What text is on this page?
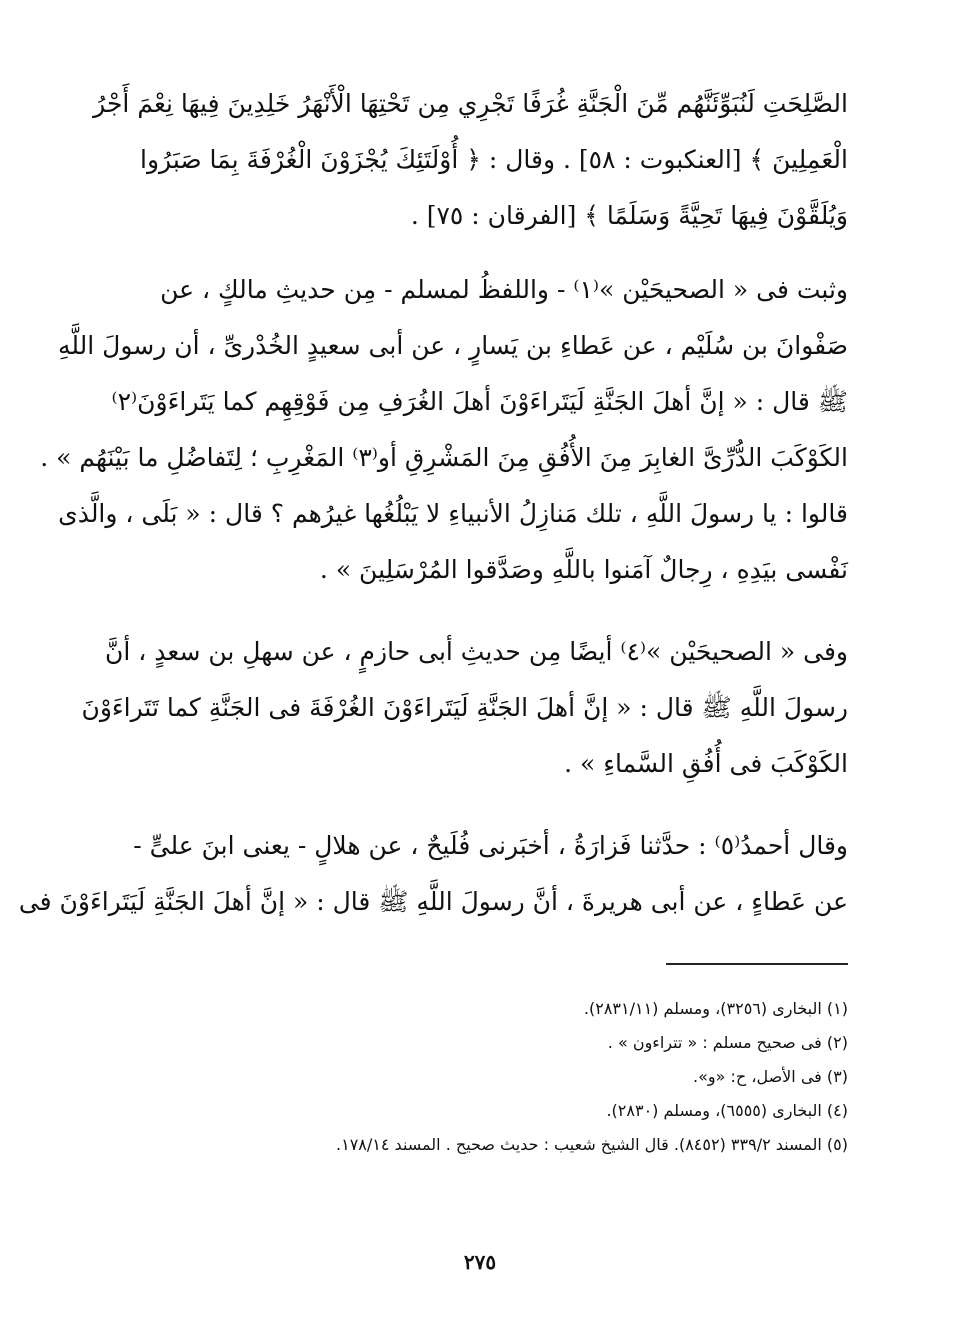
الصَّلِحَتِ لَنُبَوِّئَنَّهُم مِّنَ الْجَنَّةِ غُرَفًا تَجْرِي مِن تَحْتِهَا الْأَنْهَرُ خَلِدِينَ فِيهَا نِعْمَ أَجْرُ
الْعَمِلِينَ ﴾ [العنكبوت : ٥٨] . وقال : ﴿ أُوْلَتَئِكَ يُجْزَوْنَ الْغُرْفَةَ بِمَا صَبَرُوا
وَيُلَقَّوْنَ فِيهَا تَحِيَّةً وَسَلَمًا ﴾ [الفرقان : ٧٥] .
وثبت فى « الصحيحَيْن »⁽١⁾ - واللفظُ لمسلم - مِن حديثِ مالكٍ ، عن
صَفْوانَ بن سُلَيْم ، عن عَطاءِ بن يَسارٍ ، عن أبى سعيدٍ الخُدْرىِّ ، أن رسولَ اللَّهِ
ﷺ قال : « إنَّ أهلَ الجَنَّةِ لَيَتَراءَوْنَ أهلَ الغُرَفِ مِن فَوْقِهِم كما يَتَراءَوْنَ⁽٢⁾
الكَوْكَبَ الدُّرِّىَّ الغابِرَ مِنَ الأُفُقِ مِنَ المَشْرِقِ أو⁽٣⁾ المَغْرِبِ ؛ لِتَفاضُلِ ما بَيْنَهُم » .
قالوا : يا رسولَ اللَّهِ ، تلك مَنازِلُ الأنبياءِ لا يَبْلُغُها غيرُهم ؟ قال : « بَلَى ، والَّذى
نَفْسى بيَدِهِ ، رِجالٌ آمَنوا باللَّهِ وصَدَّقوا المُرْسَلِينَ » .
وفى « الصحيحَيْن »⁽٤⁾ أيضًا مِن حديثِ أبى حازمٍ ، عن سهلِ بن سعدٍ ، أنَّ
رسولَ اللَّهِ ﷺ قال : « إنَّ أهلَ الجَنَّةِ لَيَتَراءَوْنَ الغُرْفَةَ فى الجَنَّةِ كما تَتَراءَوْنَ
الكَوْكَبَ فى أُفُقِ السَّماءِ » .
وقال أحمدُ⁽٥⁾ : حدَّثنا فَزارَةُ ، أخبَرنى فُلَيحٌ ، عن هلالٍ - يعنى ابنَ علىٍّ -
عن عَطاءٍ ، عن أبى هريرةَ ، أنَّ رسولَ اللَّهِ ﷺ قال : « إنَّ أهلَ الجَنَّةِ لَيَتَراءَوْنَ فى
(١) البخارى (٣٢٥٦)، ومسلم (٢٨٣١/١١).
(٢) فى صحيح مسلم : « تتراءون » .
(٣) فى الأصل، ح: «و».
(٤) البخارى (٦٥٥٥)، ومسلم (٢٨٣٠).
(٥) المسند ٣٣٩/٢ (٨٤٥٢). قال الشيخ شعيب : حديث صحيح . المسند ١٧٨/١٤.
٢٧٥
